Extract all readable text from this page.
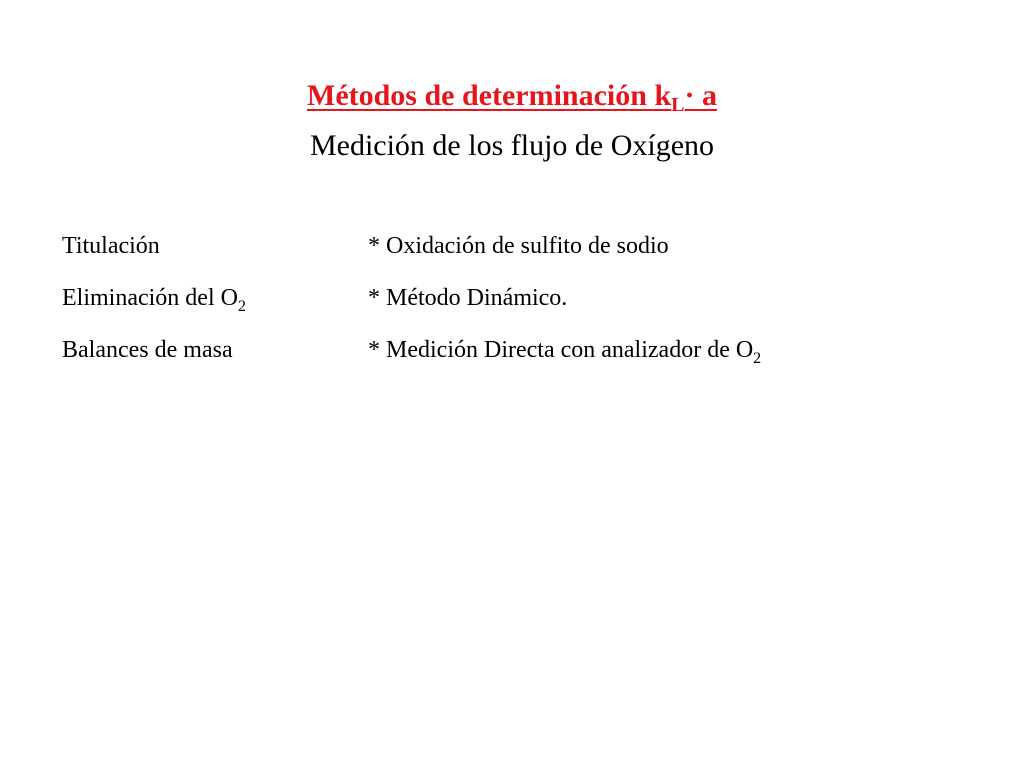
Métodos de determinación $k_L\cdot a$
Medición de los flujo de Oxígeno
Titulación	* Oxidación de sulfito de sodio
Eliminación del $O_2$	* Método Dinámico.
Balances de masa	* Medición Directa con analizador de $O_2$
